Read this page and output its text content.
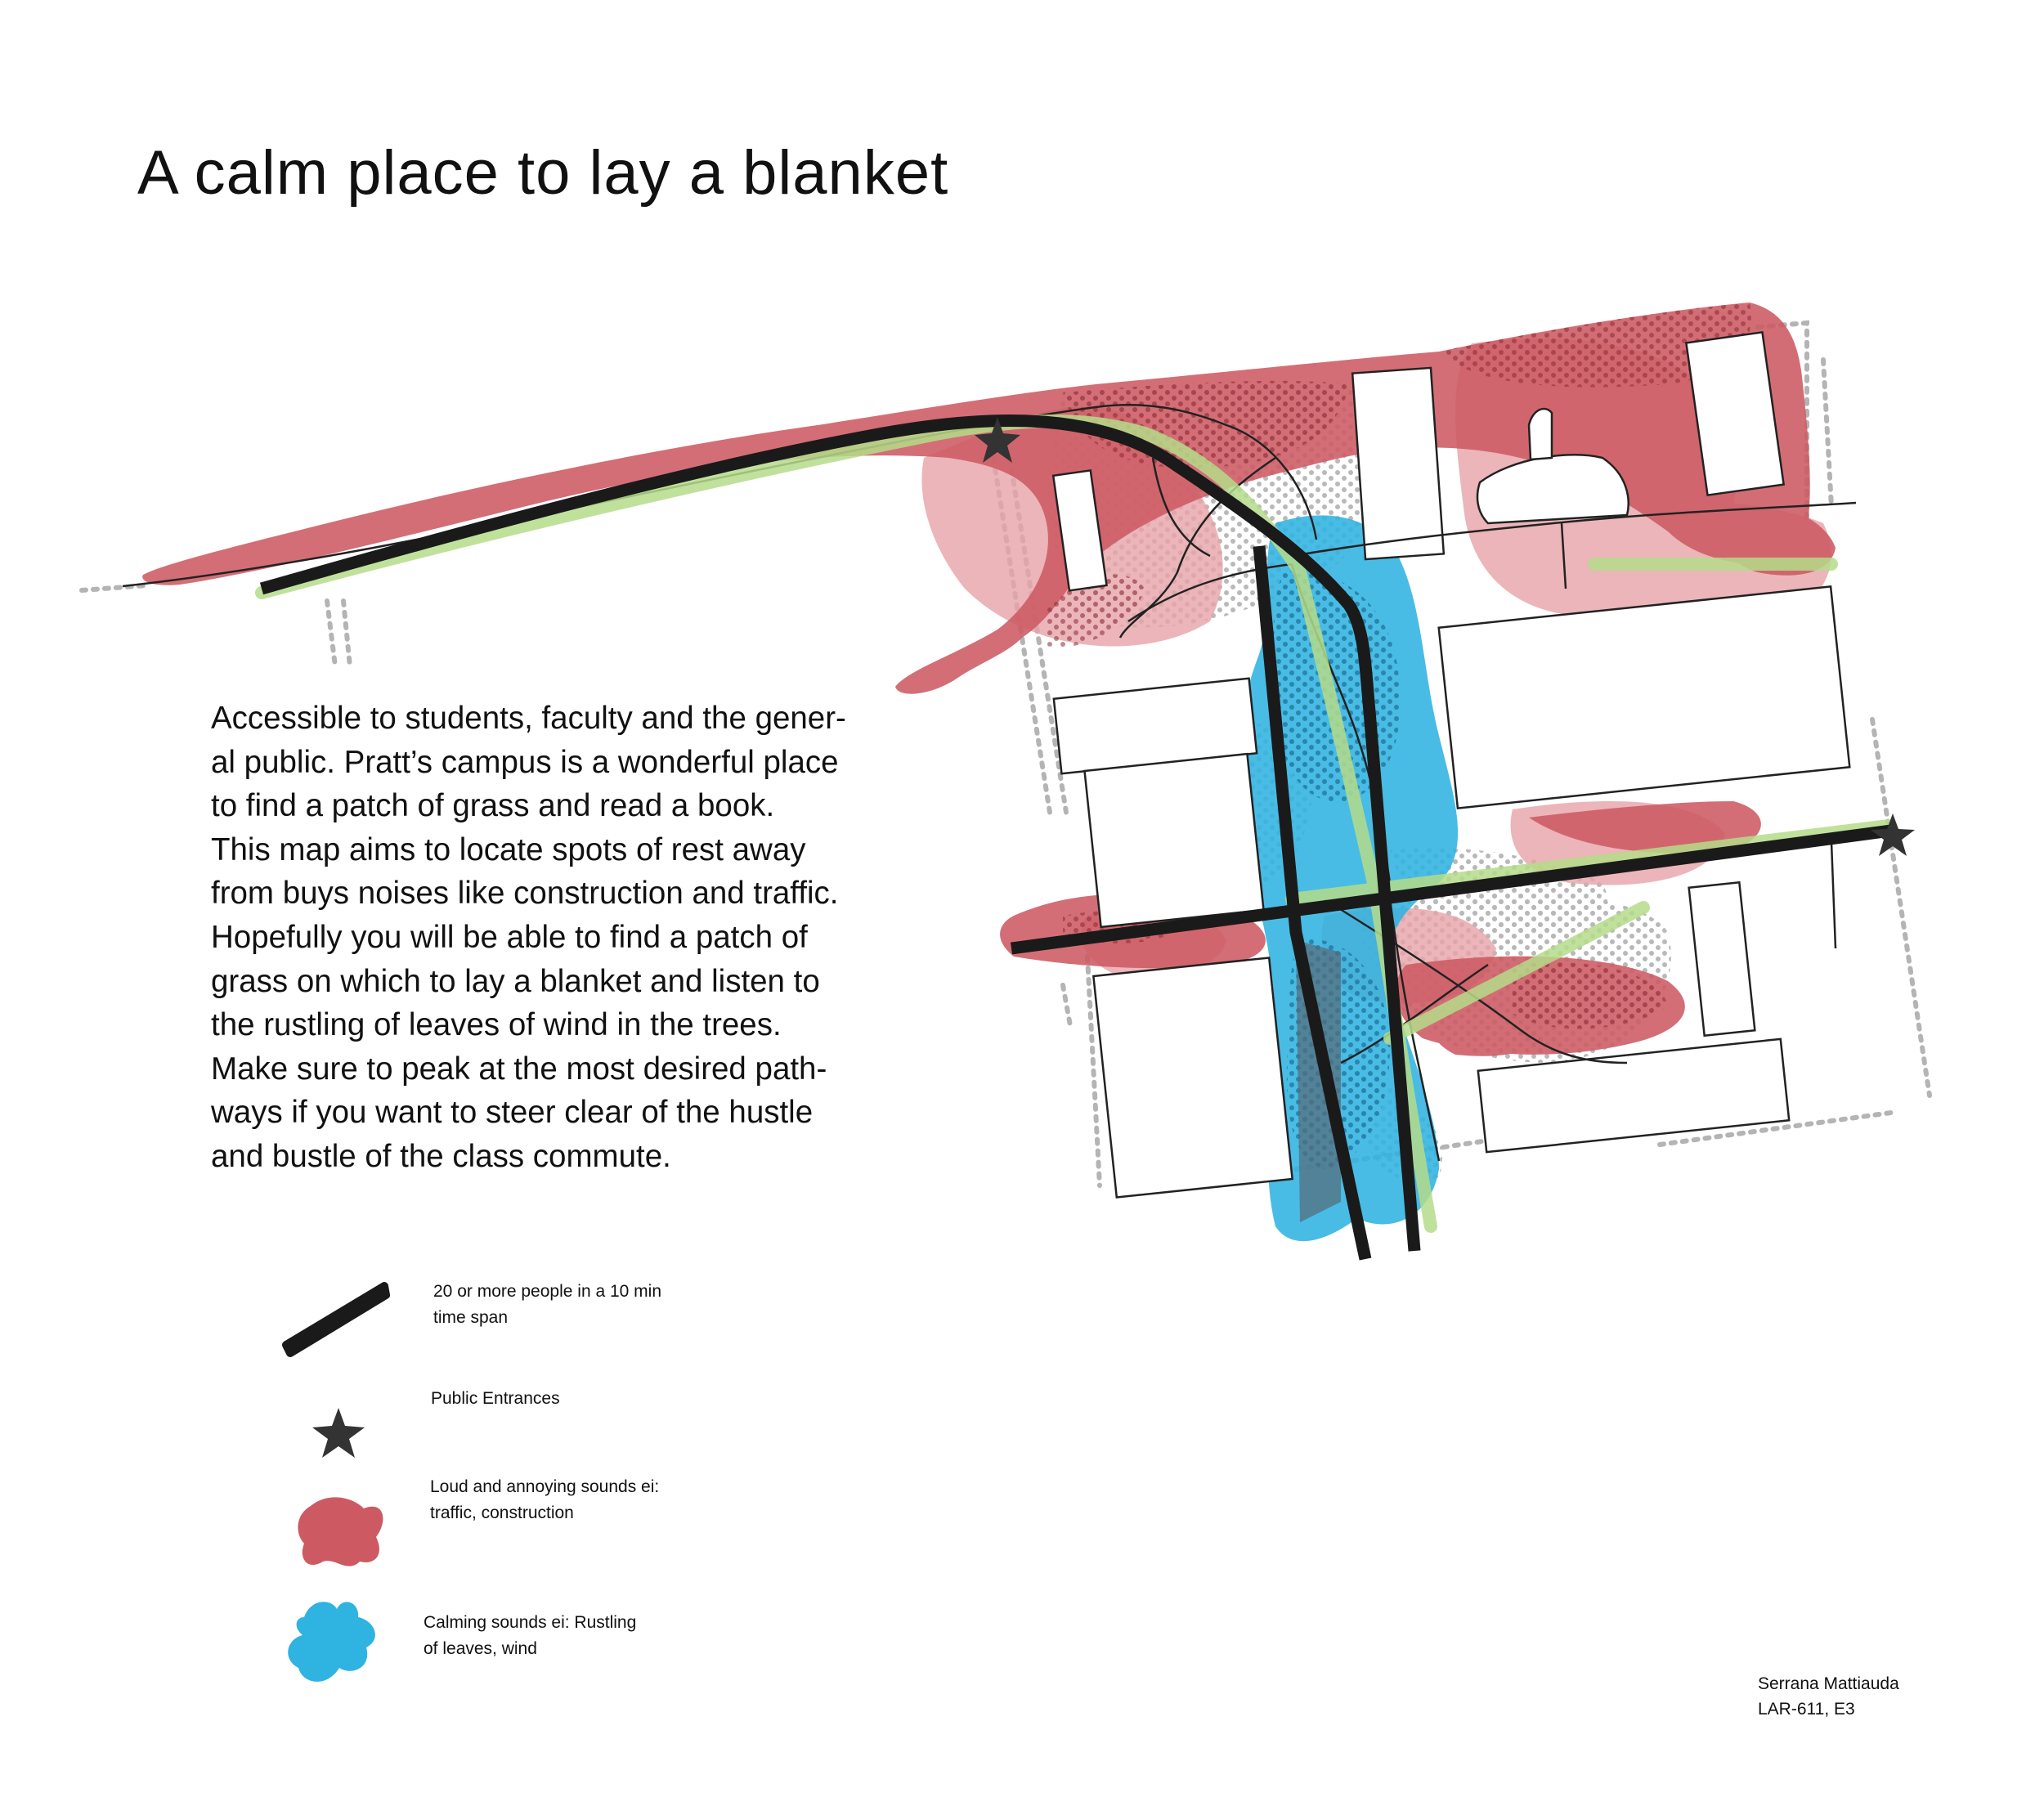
A calm place to lay a blanket

Accessible to students, faculty and the gener-
al public. Pratt’s campus is a wonderful place
to find a patch of grass and read a book.
This map aims to locate spots of rest away
from buys noises like construction and traffic.
Hopefully you will be able to find a patch of
grass on which to lay a blanket and listen to
the rustling of leaves of wind in the trees.
Make sure to peak at the most desired path-
ways if you want to steer clear of the hustle
and bustle of the class commute.

20 or more people in a 10 min
time span
Public Entrances
Loud and annoying sounds ei:
traffic, construction
Calming sounds ei: Rustling
of leaves, wind
Serrana Mattiauda
LAR-611, E3
